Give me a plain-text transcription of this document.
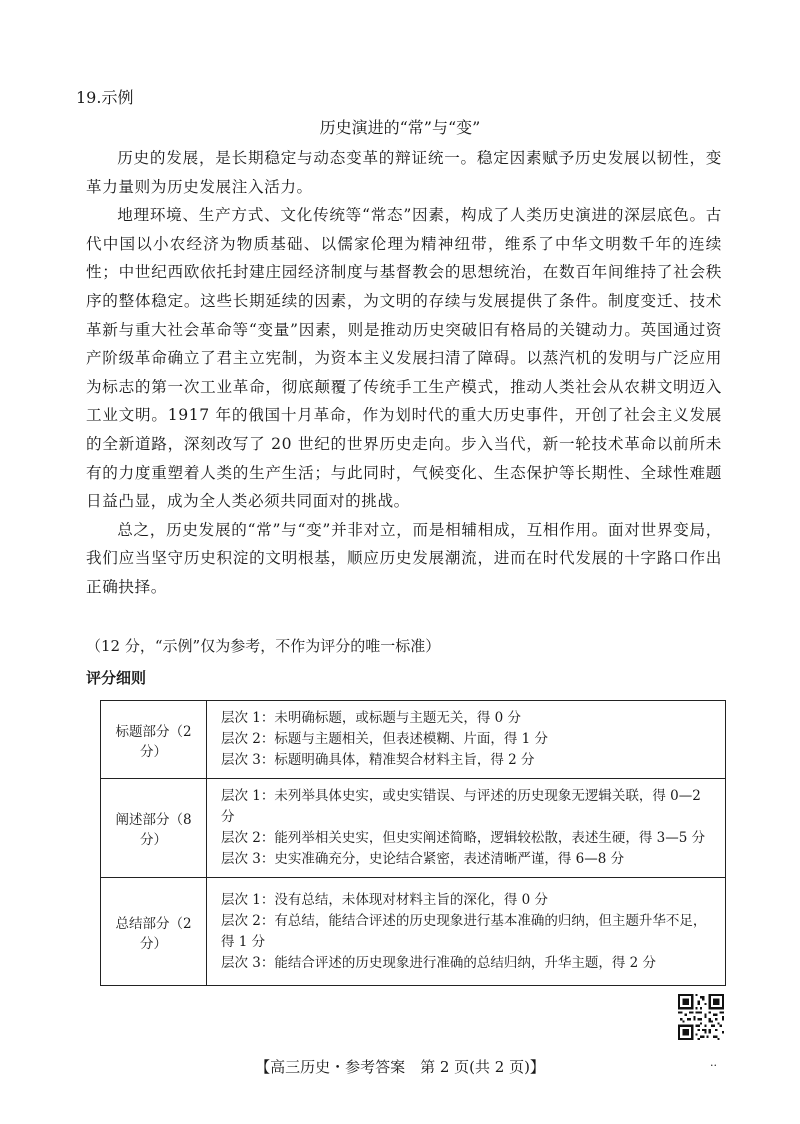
19.示例
历史演进的“常”与“变”

历史的发展，是长期稳定与动态变革的辩证统一。稳定因素赋予历史发展以韧性，变革力量则为历史发展注入活力。

地理环境、生产方式、文化传统等“常态”因素，构成了人类历史演进的深层底色。古代中国以小农经济为物质基础、以儒家伦理为精神纽带，维系了中华文明数千年的连续性；中世纪西欧依托封建庄园经济制度与基督教会的思想统治，在数百年间维持了社会秩序的整体稳定。这些长期延续的因素，为文明的存续与发展提供了条件。制度变迁、技术革新与重大社会革命等“变量”因素，则是推动历史突破旧有格局的关键动力。英国通过资产阶级革命确立了君主立宪制，为资本主义发展扫清了障碍。以蒸汽机的发明与广泛应用为标志的第一次工业革命，彻底颠覆了传统手工生产模式，推动人类社会从农耕文明迈入工业文明。1917 年的俄国十月革命，作为划时代的重大历史事件，开创了社会主义发展的全新道路，深刻改写了 20 世纪的世界历史走向。步入当代，新一轮技术革命以前所未有的力度重塑着人类的生产生活；与此同时，气候变化、生态保护等长期性、全球性难题日益凸显，成为全人类必须共同面对的挑战。

总之，历史发展的“常”与“变”并非对立，而是相辅相成，互相作用。面对世界变局，我们应当坚守历史积淀的文明根基，顺应历史发展潮流，进而在时代发展的十字路口作出正确抉择。

（12 分，“示例”仅为参考，不作为评分的唯一标准）
评分细则
标题部分（2 分）	层次 1：未明确标题，或标题与主题无关，得 0 分
层次 2：标题与主题相关，但表述模糊、片面，得 1 分
层次 3：标题明确具体，精准契合材料主旨，得 2 分

阐述部分（8 分）	层次 1：未列举具体史实，或史实错误、与评述的历史现象无逻辑关联，得 0—2 分
层次 2：能列举相关史实，但史实阐述简略，逻辑较松散，表述生硬，得 3—5 分
层次 3：史实准确充分，史论结合紧密，表述清晰严谨，得 6—8 分

总结部分（2 分）	层次 1：没有总结，未体现对材料主旨的深化，得 0 分
层次 2：有总结，能结合评述的历史现象进行基本准确的归纳，但主题升华不足，得 1 分
层次 3：能结合评述的历史现象进行准确的总结归纳，升华主题，得 2 分
【高三历史・参考答案　第 2 页(共 2 页)】	..
